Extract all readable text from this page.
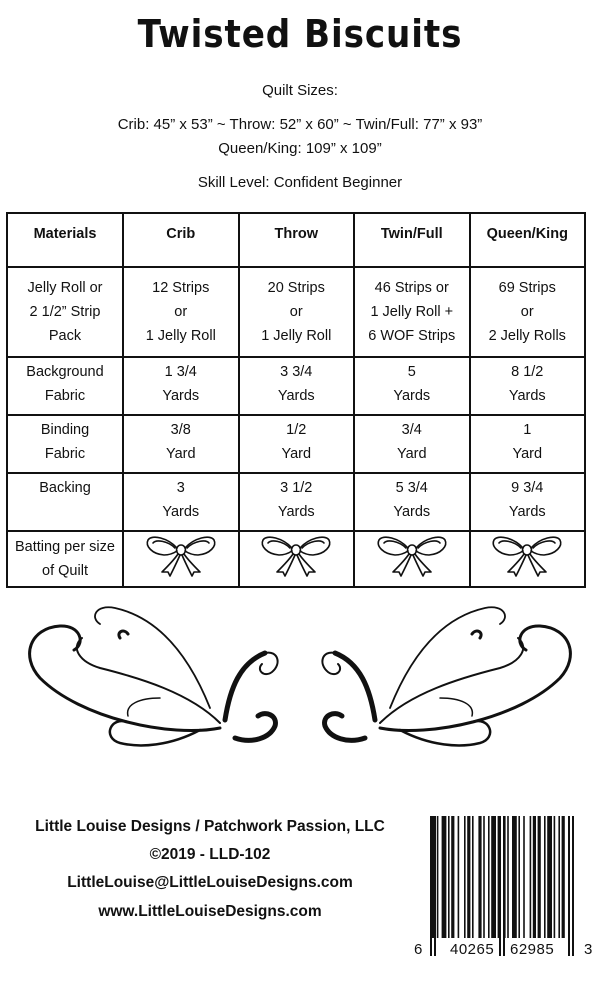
Twisted Biscuits
Quilt Sizes:
Crib: 45” x 53” ~ Throw: 52” x 60” ~ Twin/Full: 77” x 93”
Queen/King: 109” x 109”
Skill Level: Confident Beginner
Materials	Crib	Throw	Twin/Full	Queen/King

Jelly Roll or
2 1/2” Strip
Pack	12 Strips
or
1 Jelly Roll	20 Strips
or
1 Jelly Roll	46 Strips or
1 Jelly Roll +
6 WOF Strips	69 Strips
or
2 Jelly Rolls

Background
Fabric	1 3/4
Yards	3 3/4
Yards	5
Yards	8 1/2
Yards

Binding
Fabric	3/8
Yard	1/2
Yard	3/4
Yard	1
Yard

Backing	3
Yards	3 1/2
Yards	5 3/4
Yards	9 3/4
Yards

Batting per size
of Quilt

Little Louise Designs / Patchwork Passion, LLC
©2019 - LLD-102
LittleLouise@LittleLouiseDesigns.com
www.LittleLouiseDesigns.com
6 40265 62985 3
